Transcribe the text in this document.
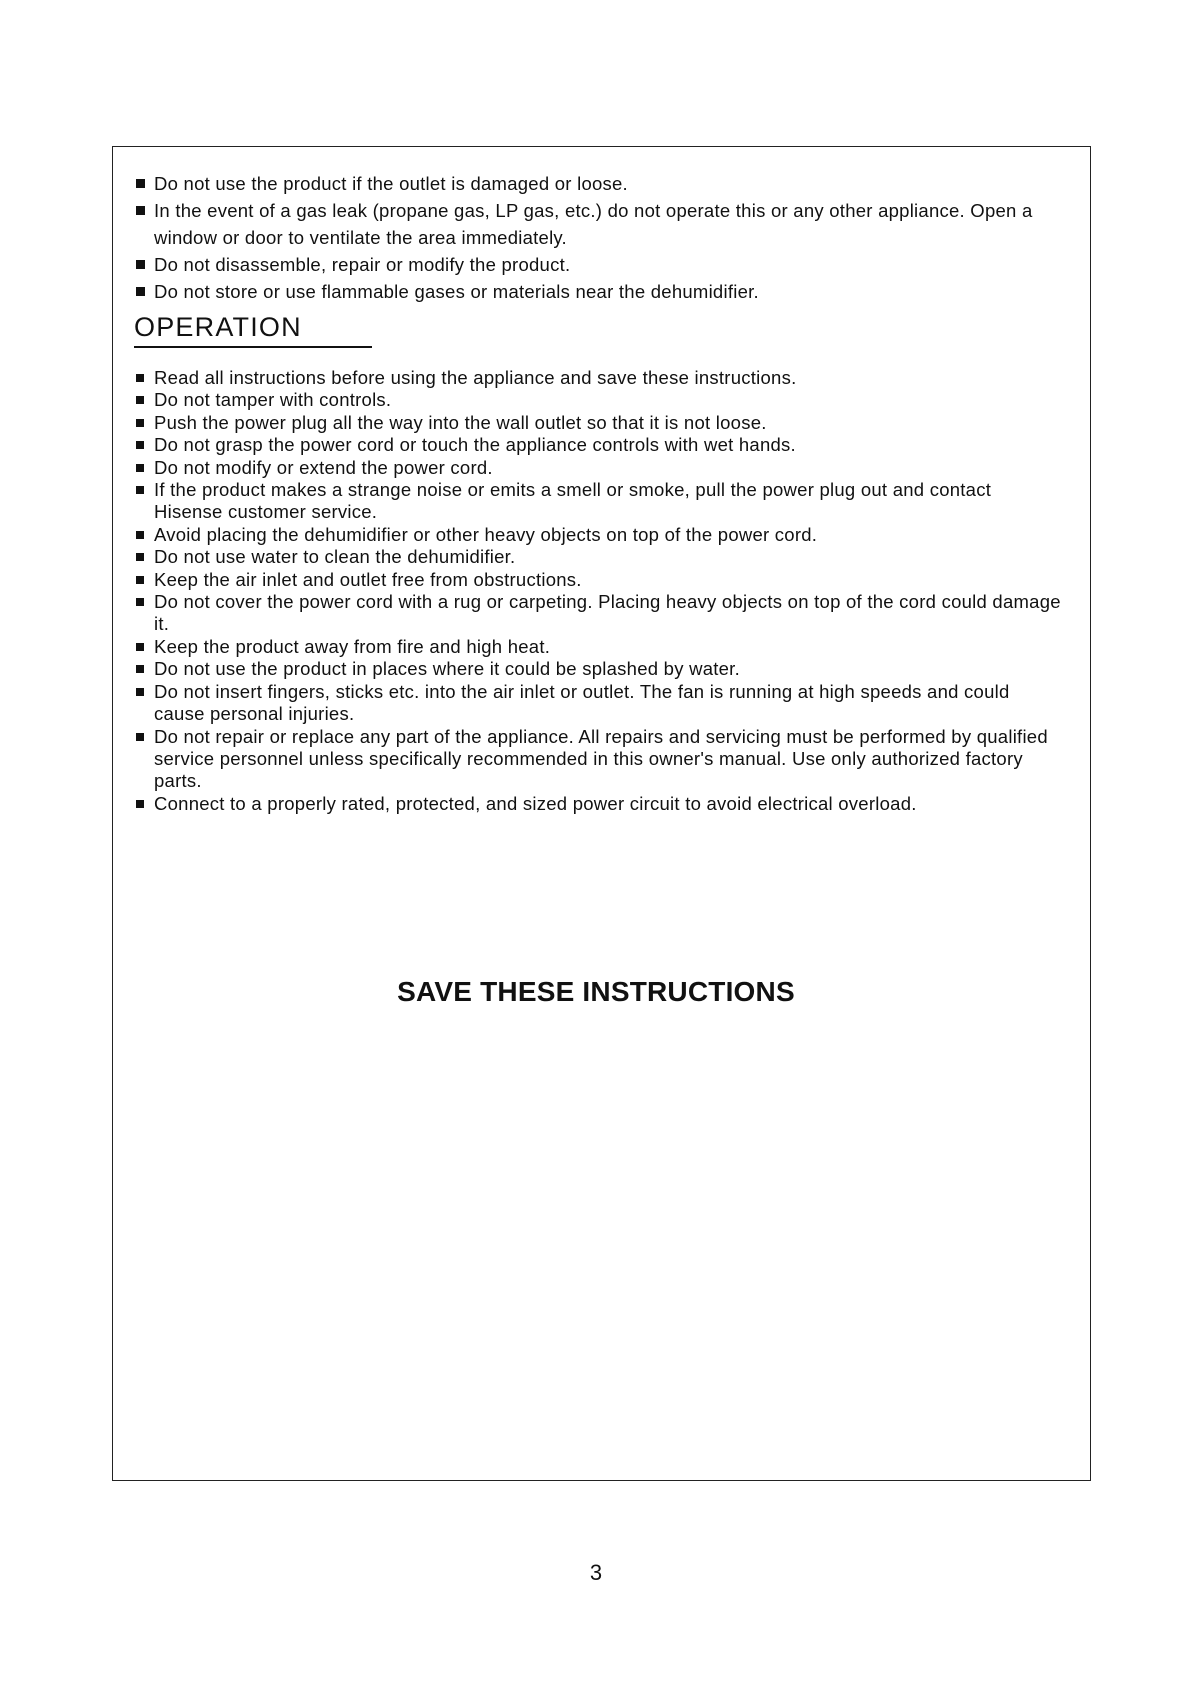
Do not use the product if the outlet is damaged or loose.
In the event of a gas leak (propane gas, LP gas, etc.) do not operate this or any other appliance. Open a window or door to ventilate the area immediately.
Do not disassemble, repair or modify the product.
Do not store or use flammable gases or materials near the dehumidifier.
OPERATION
Read all instructions before using the appliance and save these instructions.
Do not tamper with controls.
Push the power plug all the way into the wall outlet so that it is not loose.
Do not grasp the power cord or touch the appliance controls with wet hands.
Do not modify or extend the power cord.
If the product makes a strange noise or emits a smell or smoke, pull the power plug out and contact Hisense customer service.
Avoid placing the dehumidifier or other heavy objects on top of the power cord.
Do not use water to clean the dehumidifier.
Keep the air inlet and outlet free from obstructions.
Do not cover the power cord with a rug or carpeting. Placing heavy objects on top of the cord could damage it.
Keep the product away from fire and high heat.
Do not use the product in places where it could be splashed by water.
Do not insert fingers, sticks etc. into the air inlet or outlet. The fan is running at high speeds and could cause personal injuries.
Do not repair or replace any part of the appliance. All repairs and servicing must be performed by qualified service personnel unless specifically recommended in this owner's manual. Use only authorized factory parts.
Connect to a properly rated, protected, and sized power circuit to avoid electrical overload.
SAVE THESE INSTRUCTIONS
3
